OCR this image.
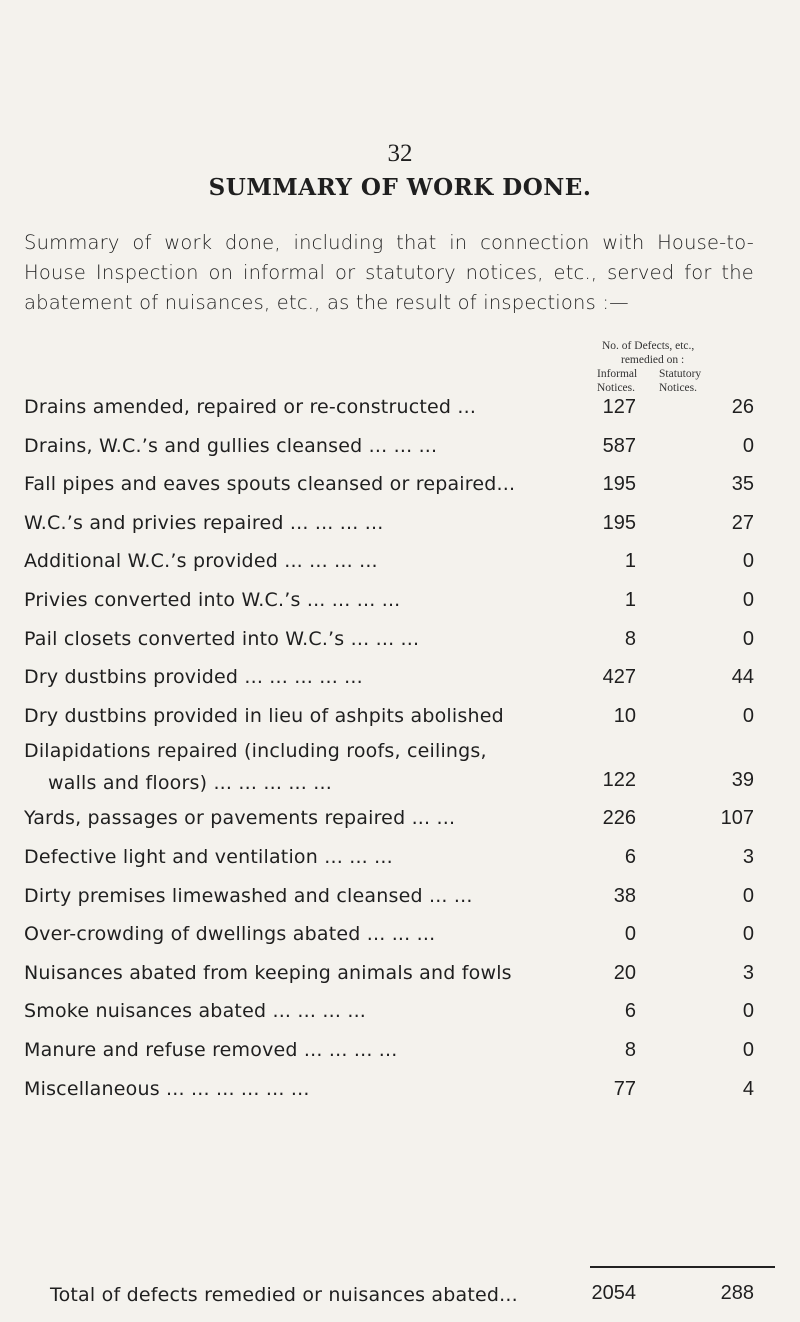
32
SUMMARY OF WORK DONE.
Summary of work done, including that in connection with House-to-House Inspection on informal or statutory notices, etc., served for the abatement of nuisances, etc., as the result of inspections :—
No. of Defects, etc.,
remedied on :
Informal	Statutory
Notices.	Notices.
Drains amended, repaired or re-constructed ...	127	26
Drains, W.C.’s and gullies cleansed ... ... ...	587	0
Fall pipes and eaves spouts cleansed or repaired...	195	35
W.C.’s and privies repaired ... ... ... ...	195	27
Additional W.C.’s provided ... ... ... ...	1	0
Privies converted into W.C.’s ... ... ... ...	1	0
Pail closets converted into W.C.’s ... ... ...	8	0
Dry dustbins provided ... ... ... ... ...	427	44
Dry dustbins provided in lieu of ashpits abolished	10	0
Dilapidations repaired (including roofs, ceilings,
walls and floors) ... ... ... ... ...	122	39
Yards, passages or pavements repaired ... ...	226	107
Defective light and ventilation ... ... ...	6	3
Dirty premises limewashed and cleansed ... ...	38	0
Over-crowding of dwellings abated ... ... ...	0	0
Nuisances abated from keeping animals and fowls	20	3
Smoke nuisances abated ... ... ... ...	6	0
Manure and refuse removed ... ... ... ...	8	0
Miscellaneous ... ... ... ... ... ...	77	4
Total of defects remedied or nuisances abated...	2054	288
